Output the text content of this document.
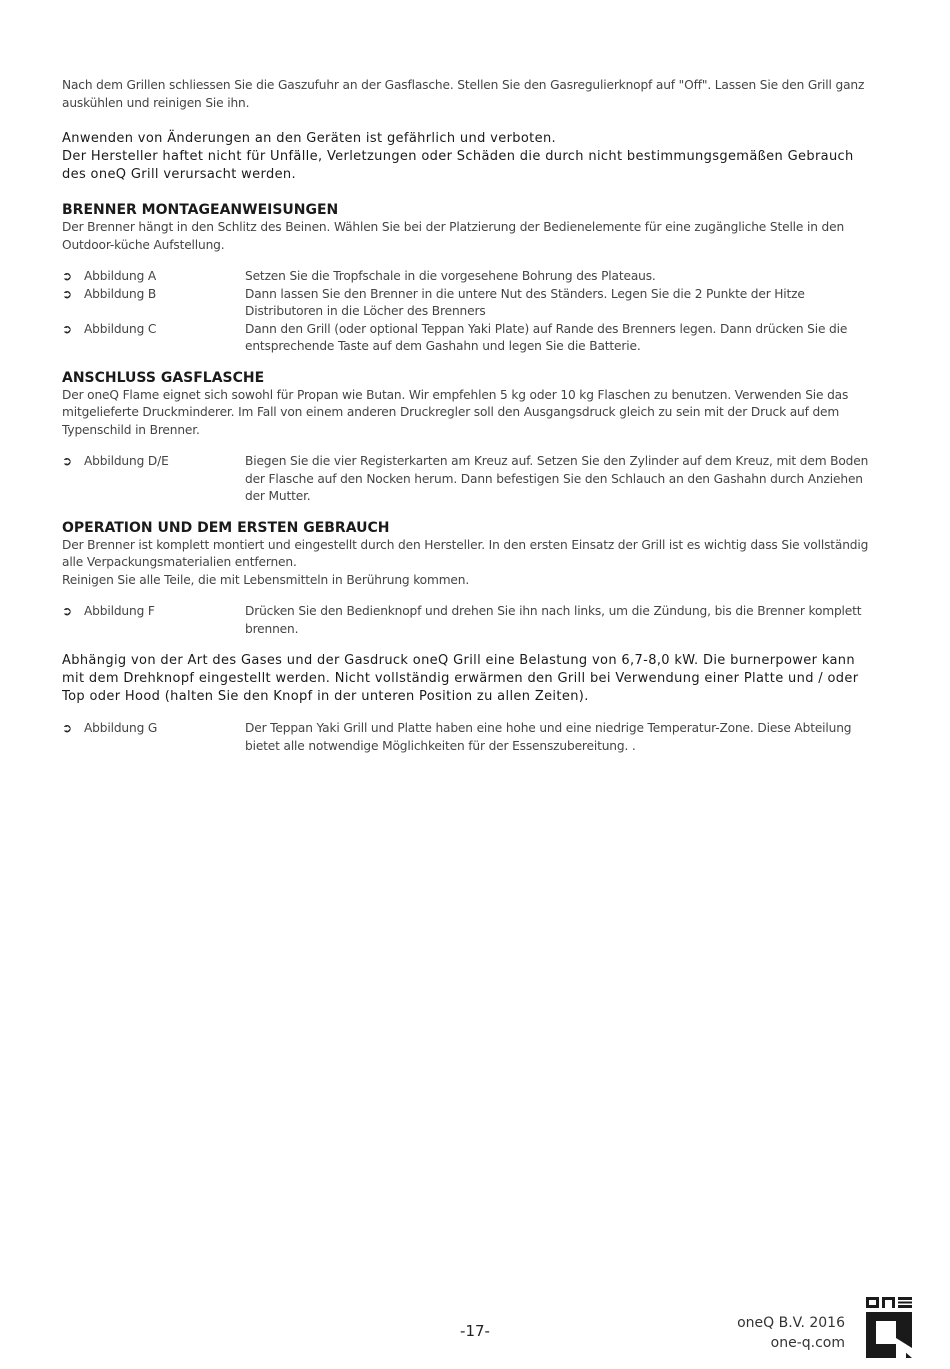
Nach dem Grillen schliessen Sie die Gaszufuhr an der Gasflasche. Stellen Sie den Gasregulierknopf auf "Off". Lassen Sie den Grill ganz auskühlen und reinigen Sie ihn.

Anwenden von Änderungen an den Geräten ist gefährlich und verboten.

Der Hersteller haftet nicht für Unfälle, Verletzungen oder Schäden die durch nicht bestimmungsgemäßen Gebrauch des oneQ Grill verursacht werden.

BRENNER MONTAGEANWEISUNGEN

Der Brenner hängt in den Schlitz des Beinen. Wählen Sie bei der Platzierung der Bedienelemente für eine zugängliche Stelle in den Outdoor-küche Aufstellung.

➲ Abbildung A	Setzen Sie die Tropfschale in die vorgesehene Bohrung des Plateaus.
➲ Abbildung B	Dann lassen Sie den Brenner in die untere Nut des Ständers. Legen Sie die 2 Punkte der Hitze Distributoren in die Löcher des Brenners
➲ Abbildung C	Dann den Grill (oder optional Teppan Yaki Plate) auf Rande des Brenners legen. Dann drücken Sie die entsprechende Taste auf dem Gashahn und legen Sie die Batterie.
ANSCHLUSS GASFLASCHE

Der oneQ Flame eignet sich sowohl für Propan wie Butan. Wir empfehlen 5 kg oder 10 kg Flaschen zu benutzen. Verwenden Sie das mitgelieferte Druckminderer. Im Fall von einem anderen Druckregler soll den Ausgangsdruck gleich zu sein mit der Druck auf dem Typenschild in Brenner.

➲ Abbildung D/E	Biegen Sie die vier Registerkarten am Kreuz auf. Setzen Sie den Zylinder auf dem Kreuz, mit dem Boden der Flasche auf den Nocken herum. Dann befestigen Sie den Schlauch an den Gashahn durch Anziehen der Mutter.
OPERATION UND DEM ERSTEN GEBRAUCH

Der Brenner ist komplett montiert und eingestellt durch den Hersteller. In den ersten Einsatz der Grill ist es wichtig dass Sie vollständig alle Verpackungsmaterialien entfernen.

Reinigen Sie alle Teile, die mit Lebensmitteln in Berührung kommen.

➲ Abbildung F	Drücken Sie den Bedienknopf und drehen Sie ihn nach links, um die Zündung, bis die Brenner komplett brennen.

Abhängig von der Art des Gases und der Gasdruck oneQ Grill eine Belastung von 6,7-8,0 kW. Die burnerpower kann mit dem Drehknopf eingestellt werden. Nicht vollständig erwärmen den Grill bei Verwendung einer Platte und / oder Top oder Hood (halten Sie den Knopf in der unteren Position zu allen Zeiten).

➲ Abbildung G	Der Teppan Yaki Grill und Platte haben eine hohe und eine niedrige Temperatur-Zone. Diese Abteilung bietet alle notwendige Möglichkeiten für der Essenszubereitung. .
-17-	oneQ B.V. 2016
one-q.com
